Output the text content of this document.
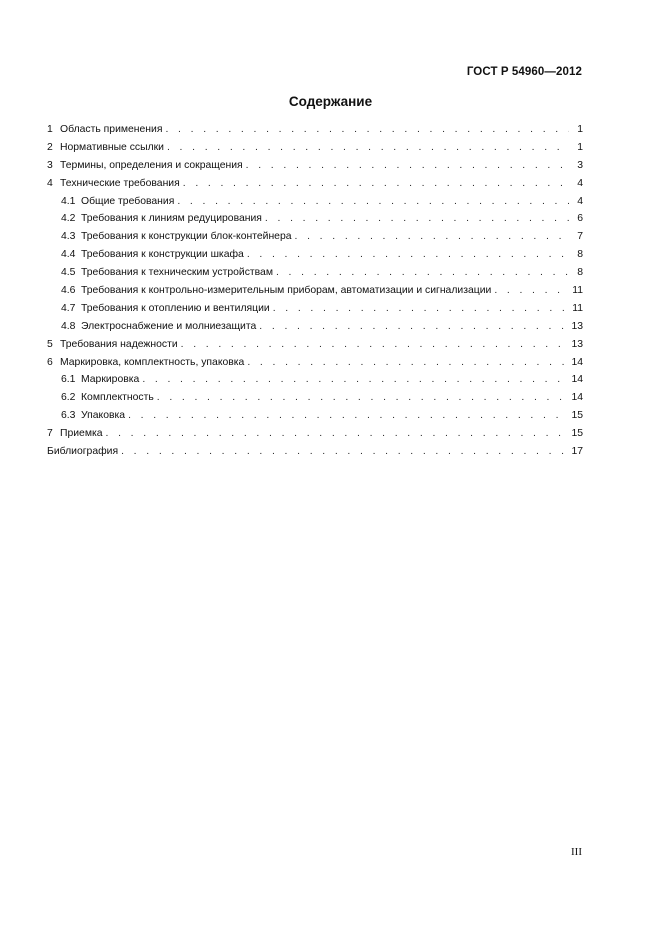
ГОСТ Р 54960—2012
Содержание
1 Область применения . . .	1
2 Нормативные ссылки . . .	1
3 Термины, определения и сокращения . . .	3
4 Технические требования . . .	4
4.1 Общие требования . . .	4
4.2 Требования к линиям редуцирования . . .	6
4.3 Требования к конструкции блок-контейнера . . .	7
4.4 Требования к конструкции шкафа . . .	8
4.5 Требования к техническим устройствам . . .	8
4.6 Требования к контрольно-измерительным приборам, автоматизации и сигнализации . . .	11
4.7 Требования к отоплению и вентиляции . . .	11
4.8 Электроснабжение и молниезащита . . .	13
5 Требования надежности . . .	13
6 Маркировка, комплектность, упаковка . . .	14
6.1 Маркировка . . .	14
6.2 Комплектность . . .	14
6.3 Упаковка . . .	15
7 Приемка . . .	15
Библиография . . .	17
III
